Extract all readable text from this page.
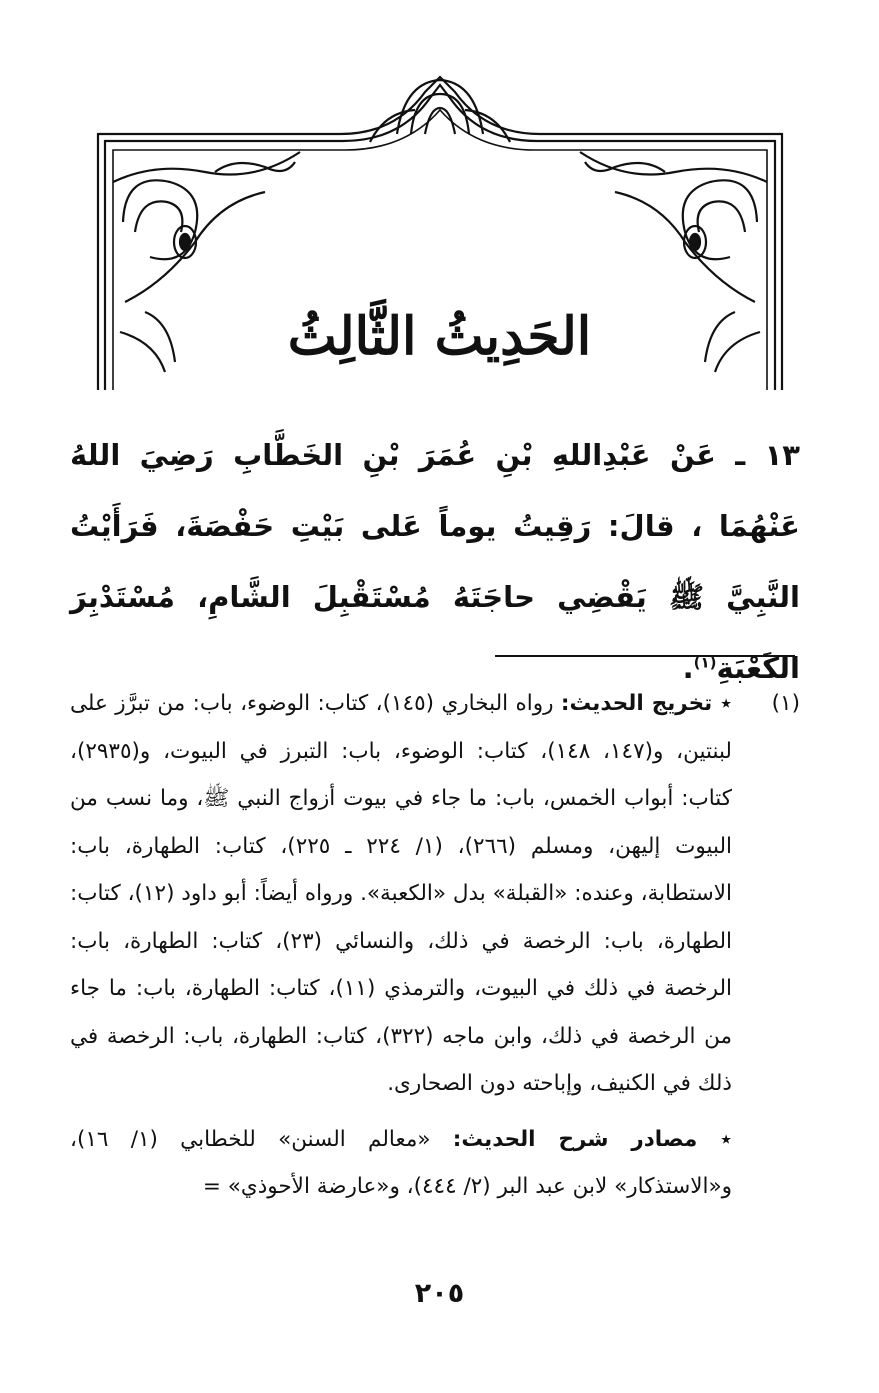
الحَدِيثُ الثَّالِثُ
١٣ ـ عَنْ عَبْدِاللهِ بْنِ عُمَرَ بْنِ الخَطَّابِ رَضِيَ اللهُ عَنْهُمَا ، قالَ: رَقِيتُ يوماً عَلى بَيْتِ حَفْصَةَ، فَرَأَيْتُ النَّبِيَّ ﷺ يَقْضِي حاجَتَهُ مُسْتَقْبِلَ الشَّامِ، مُسْتَدْبِرَ الكَعْبَةِ$^{(١)}$.
(١)

٭ تخريج الحديث: رواه البخاري (١٤٥)، كتاب: الوضوء، باب: من تبرَّز على لبنتين، و(١٤٧، ١٤٨)، كتاب: الوضوء، باب: التبرز في البيوت، و(٢٩٣٥)، كتاب: أبواب الخمس، باب: ما جاء في بيوت أزواج النبي ﷺ، وما نسب من البيوت إليهن، ومسلم (٢٦٦)، (١/ ٢٢٤ ـ ٢٢٥)، كتاب: الطهارة، باب: الاستطابة، وعنده: «القبلة» بدل «الكعبة». ورواه أيضاً: أبو داود (١٢)، كتاب: الطهارة، باب: الرخصة في ذلك، والنسائي (٢٣)، كتاب: الطهارة، باب: الرخصة في ذلك في البيوت، والترمذي (١١)، كتاب: الطهارة، باب: ما جاء من الرخصة في ذلك، وابن ماجه (٣٢٢)، كتاب: الطهارة، باب: الرخصة في ذلك في الكنيف، وإباحته دون الصحارى.

٭ مصادر شرح الحديث: «معالم السنن» للخطابي (١/ ١٦)، و«الاستذكار» لابن عبد البر (٢/ ٤٤٤)، و«عارضة الأحوذي» =

٢٠٥
